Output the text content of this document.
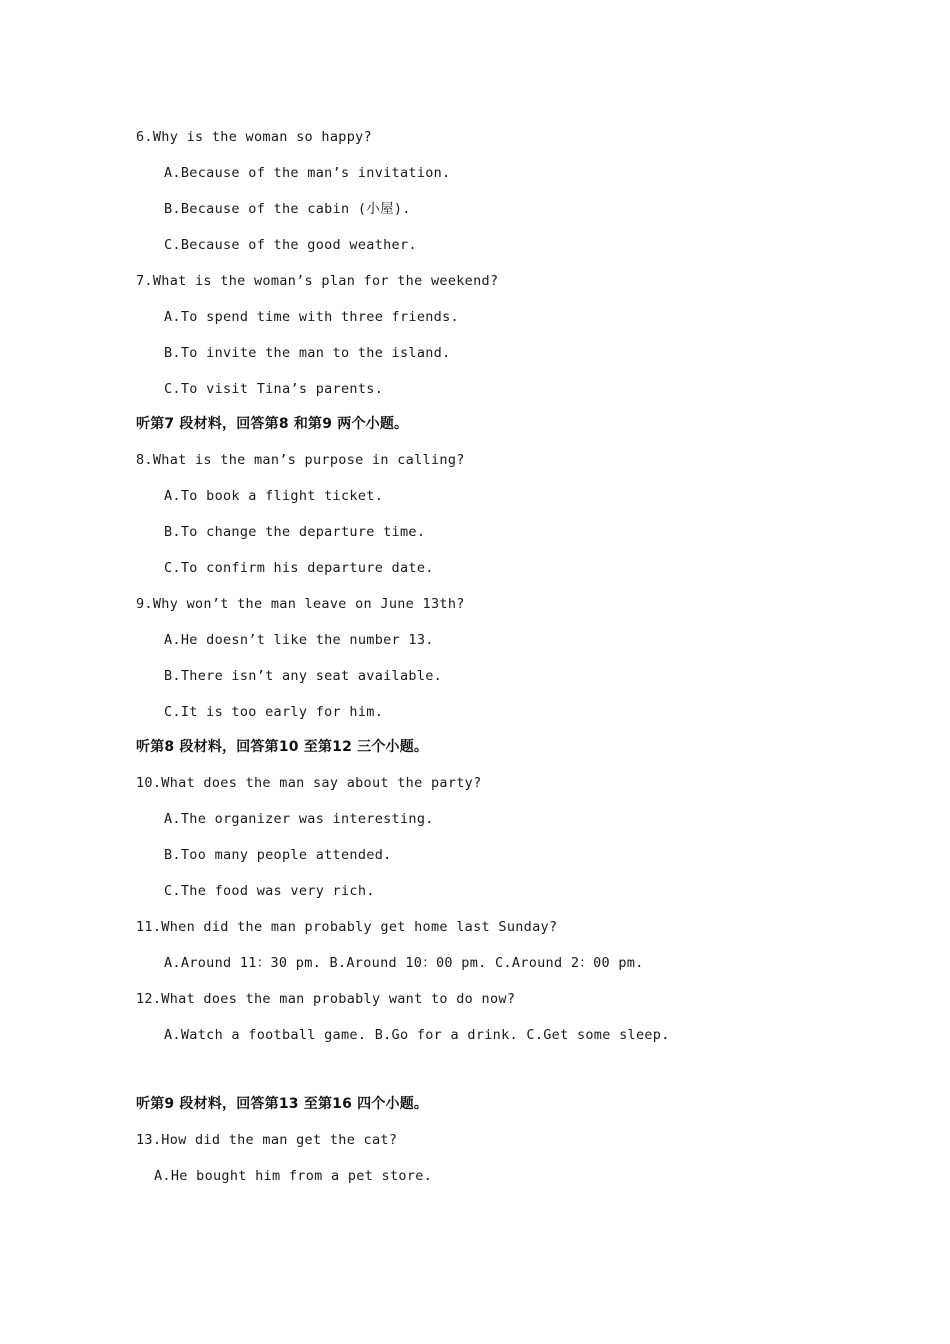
6.Why is the woman so happy?
A.Because of the man’s invitation.
B.Because of the cabin (小屋).
C.Because of the good weather.
7.What is the woman’s plan for the weekend?
A.To spend time with three friends.
B.To invite the man to the island.
C.To visit Tina’s parents.
听第7 段材料，回答第8 和第9 两个小题。
8.What is the man’s purpose in calling?
A.To book a flight ticket.
B.To change the departure time.
C.To confirm his departure date.
9.Why won’t the man leave on June 13th?
A.He doesn’t like the number 13.
B.There isn’t any seat available.
C.It is too early for him.
听第8 段材料，回答第10 至第12 三个小题。
10.What does the man say about the party?
A.The organizer was interesting.
B.Too many people attended.
C.The food was very rich.
11.When did the man probably get home last Sunday?
A.Around 11：30 pm. B.Around 10：00 pm. C.Around 2：00 pm.
12.What does the man probably want to do now?
A.Watch a football game. B.Go for a drink. C.Get some sleep.
听第9 段材料，回答第13 至第16 四个小题。
13.How did the man get the cat?
A.He bought him from a pet store.
